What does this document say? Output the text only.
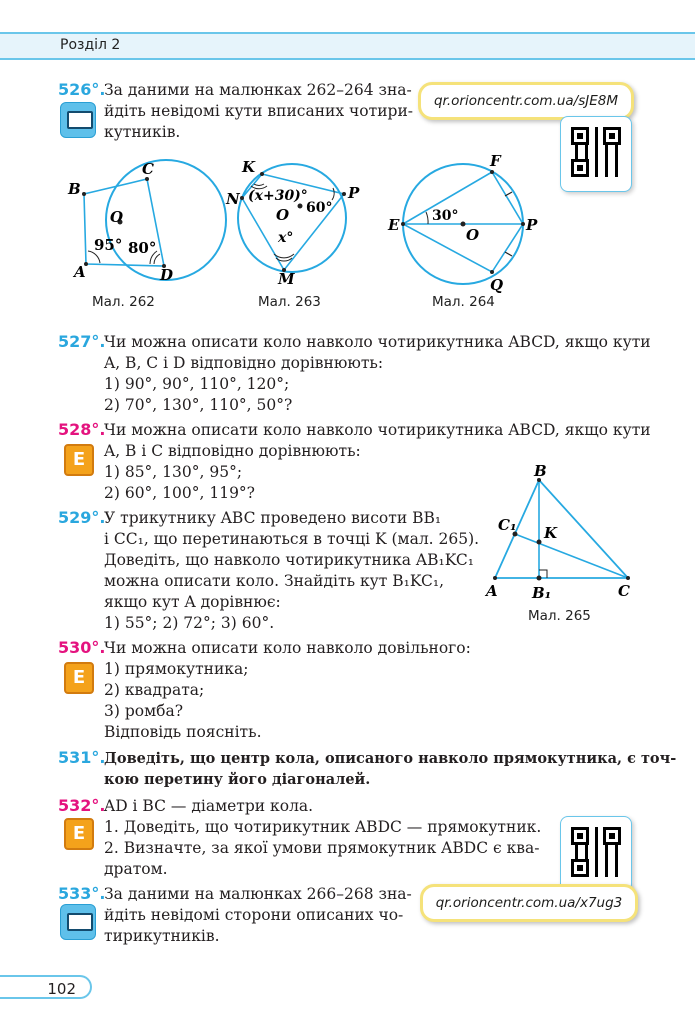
Розділ 2
526°.
За даними на малюнках 262–264 зна-
йдіть невідомі кути вписаних чотири-
кутників.
qr.orioncentr.com.ua/sJE8M
A
B
C
D
O
95° 80°
K
N	P
M
O
(x+30)°
60°
x°
E
F
P
Q
O
30°
Мал. 262	Мал. 263	Мал. 264
527°.
Чи можна описати коло навколо чотирикутника ABCD, якщо кути
A, B, C і D відповідно дорівнюють:
1) 90°, 90°, 110°, 120°;
2) 70°, 130°, 110°, 50°?
528°.
E
Чи можна описати коло навколо чотирикутника ABCD, якщо кути
A, B і C відповідно дорівнюють:
1) 85°, 130°, 95°;
2) 60°, 100°, 119°?
529°.
У трикутнику ABC проведено висоти BB₁
і CC₁, що перетинаються в точці K (мал. 265).
Доведіть, що навколо чотирикутника AB₁KC₁
можна описати коло. Знайдіть кут B₁KC₁,
якщо кут A дорівнює:
1) 55°; 2) 72°; 3) 60°.
B
C₁ K
A B₁	C
Мал. 265
530°.
E
Чи можна описати коло навколо довільного:
1) прямокутника;
2) квадрата;
3) ромба?
Відповідь поясніть.
531°.
Доведіть, що центр кола, описаного навколо прямокутника, є точ-
кою перетину його діагоналей.
532°.
E
AD і BC — діаметри кола.
1. Доведіть, що чотирикутник ABDC — прямокутник.
2. Визначте, за якої умови прямокутник ABDC є ква-
дратом.
533°.
За даними на малюнках 266–268 зна-
йдіть невідомі сторони описаних чо-
тирикутників.
qr.orioncentr.com.ua/x7ug3
102
